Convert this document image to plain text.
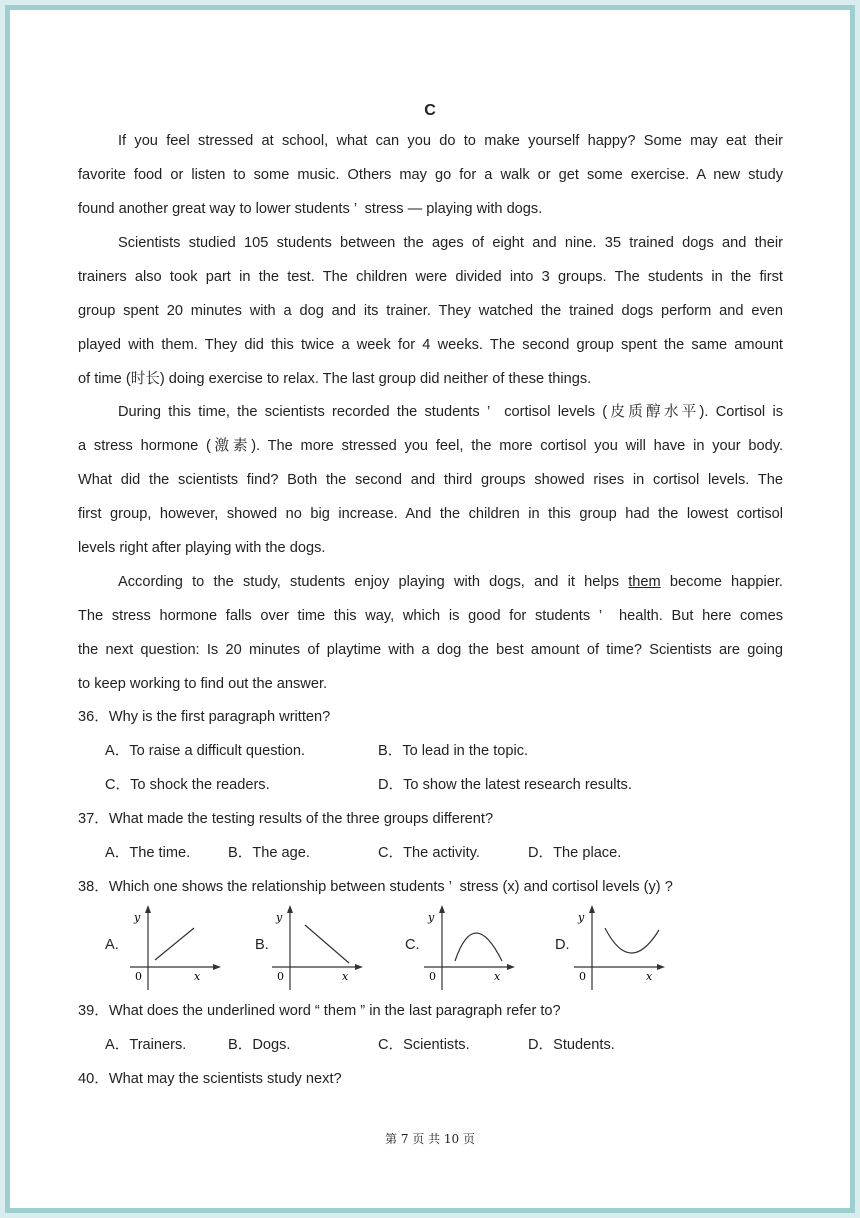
C
If you feel stressed at school, what can you do to make yourself happy? Some may eat their
favorite food or listen to some music. Others may go for a walk or get some exercise. A new study
found another great way to lower students ’  stress — playing with dogs.
Scientists studied 105 students between the ages of eight and nine. 35 trained dogs and their
trainers also took part in the test. The children were divided into 3 groups. The students in the first
group spent 20 minutes with a dog and its trainer. They watched the trained dogs perform and even
played with them. They did this twice a week for 4 weeks. The second group spent the same amount
of time (时长) doing exercise to relax. The last group did neither of these things.
During this time, the scientists recorded the students ’  cortisol levels (皮质醇水平). Cortisol is
a stress hormone (激素). The more stressed you feel, the more cortisol you will have in your body.
What did the scientists find? Both the second and third groups showed rises in cortisol levels. The
first group, however, showed no big increase. And the children in this group had the lowest cortisol
levels right after playing with the dogs.
According to the study, students enjoy playing with dogs, and it helps them become happier.
The stress hormone falls over time this way, which is good for students ’  health. But here comes
the next question: Is 20 minutes of playtime with a dog the best amount of time? Scientists are going
to keep working to find out the answer.
36．Why is the first paragraph written?
A．To raise a difficult question.	B．To lead in the topic.
C．To shock the readers.	D．To show the latest research results.
37．What made the testing results of the three groups different?
A．The time.	B．The age.	C．The activity.	D．The place.
38．Which one shows the relationship between students ’  stress (x) and cortisol levels (y) ?
A.	B.	C.	D.
y
x
0
y
x
0
y
x
0
y
x
0
39．What does the underlined word “ them ” in the last paragraph refer to?
A．Trainers.	B．Dogs.	C．Scientists.	D．Students.
40．What may the scientists study next?
第 7 页 共 10 页
